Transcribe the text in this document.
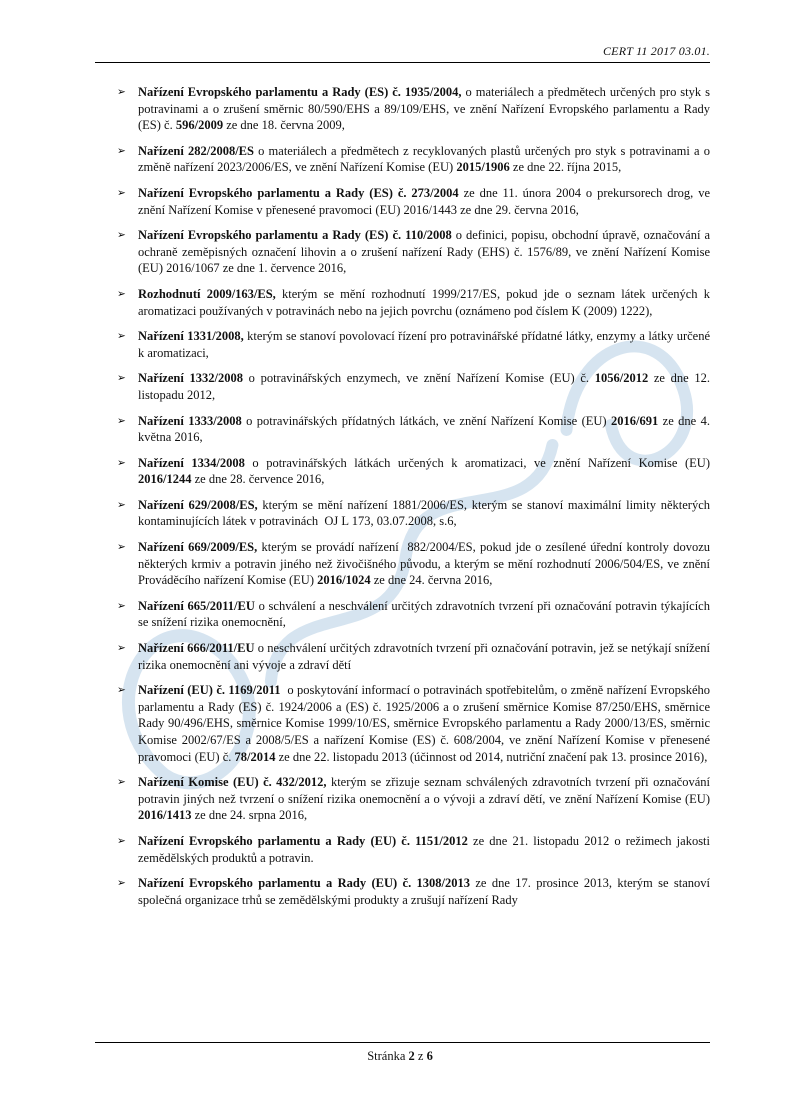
CERT 11 2017 03.01.
➢ Nařízení Evropského parlamentu a Rady (ES) č. 1935/2004, o materiálech a předmětech určených pro styk s potravinami a o zrušení směrnic 80/590/EHS a 89/109/EHS, ve znění Nařízení Evropského parlamentu a Rady (ES) č. 596/2009 ze dne 18. června 2009,
➢ Nařízení 282/2008/ES o materiálech a předmětech z recyklovaných plastů určených pro styk s potravinami a o změně nařízení 2023/2006/ES, ve znění Nařízení Komise (EU) 2015/1906 ze dne 22. října 2015,
➢ Nařízení Evropského parlamentu a Rady (ES) č. 273/2004 ze dne 11. února 2004 o prekursorech drog, ve znění Nařízení Komise v přenesené pravomoci (EU) 2016/1443 ze dne 29. června 2016,
➢ Nařízení Evropského parlamentu a Rady (ES) č. 110/2008 o definici, popisu, obchodní úpravě, označování a ochraně zeměpisných označení lihovin a o zrušení nařízení Rady (EHS) č. 1576/89, ve znění Nařízení Komise (EU) 2016/1067 ze dne 1. července 2016,
➢ Rozhodnutí 2009/163/ES, kterým se mění rozhodnutí 1999/217/ES, pokud jde o seznam látek určených k aromatizaci používaných v potravinách nebo na jejich povrchu (oznámeno pod číslem K (2009) 1222),
➢ Nařízení 1331/2008, kterým se stanoví povolovací řízení pro potravinářské přídatné látky, enzymy a látky určené k aromatizaci,
➢ Nařízení 1332/2008 o potravinářských enzymech, ve znění Nařízení Komise (EU) č. 1056/2012 ze dne 12. listopadu 2012,
➢ Nařízení 1333/2008 o potravinářských přídatných látkách, ve znění Nařízení Komise (EU) 2016/691 ze dne 4. května 2016,
➢ Nařízení 1334/2008 o potravinářských látkách určených k aromatizaci, ve znění Nařízení Komise (EU) 2016/1244 ze dne 28. července 2016,
➢ Nařízení 629/2008/ES, kterým se mění nařízení 1881/2006/ES, kterým se stanoví maximální limity některých kontaminujících látek v potravinách  OJ L 173, 03.07.2008, s.6,
➢ Nařízení 669/2009/ES, kterým se provádí nařízení  882/2004/ES, pokud jde o zesílené úřední kontroly dovozu některých krmiv a potravin jiného než živočišného původu, a kterým se mění rozhodnutí 2006/504/ES, ve znění Prováděcího nařízení Komise (EU) 2016/1024 ze dne 24. června 2016,
➢ Nařízení 665/2011/EU o schválení a neschválení určitých zdravotních tvrzení při označování potravin týkajících se snížení rizika onemocnění,
➢ Nařízení 666/2011/EU o neschválení určitých zdravotních tvrzení při označování potravin, jež se netýkají snížení rizika onemocnění ani vývoje a zdraví dětí
➢ Nařízení (EU) č. 1169/2011  o poskytování informací o potravinách spotřebitelům, o změně nařízení Evropského parlamentu a Rady (ES) č. 1924/2006 a (ES) č. 1925/2006 a o zrušení směrnice Komise 87/250/EHS, směrnice Rady 90/496/EHS, směrnice Komise 1999/10/ES, směrnice Evropského parlamentu a Rady 2000/13/ES, směrnic Komise 2002/67/ES a 2008/5/ES a nařízení Komise (ES) č. 608/2004, ve znění Nařízení Komise v přenesené pravomoci (EU) č. 78/2014 ze dne 22. listopadu 2013 (účinnost od 2014, nutriční značení pak 13. prosince 2016),
➢ Nařízení Komise (EU) č. 432/2012, kterým se zřizuje seznam schválených zdravotních tvrzení při označování potravin jiných než tvrzení o snížení rizika onemocnění a o vývoji a zdraví dětí, ve znění Nařízení Komise (EU) 2016/1413 ze dne 24. srpna 2016,
➢ Nařízení Evropského parlamentu a Rady (EU) č. 1151/2012 ze dne 21. listopadu 2012 o režimech jakosti zemědělských produktů a potravin.
➢ Nařízení Evropského parlamentu a Rady (EU) č. 1308/2013 ze dne 17. prosince 2013, kterým se stanoví společná organizace trhů se zemědělskými produkty a zrušují nařízení Rady
Stránka 2 z 6
